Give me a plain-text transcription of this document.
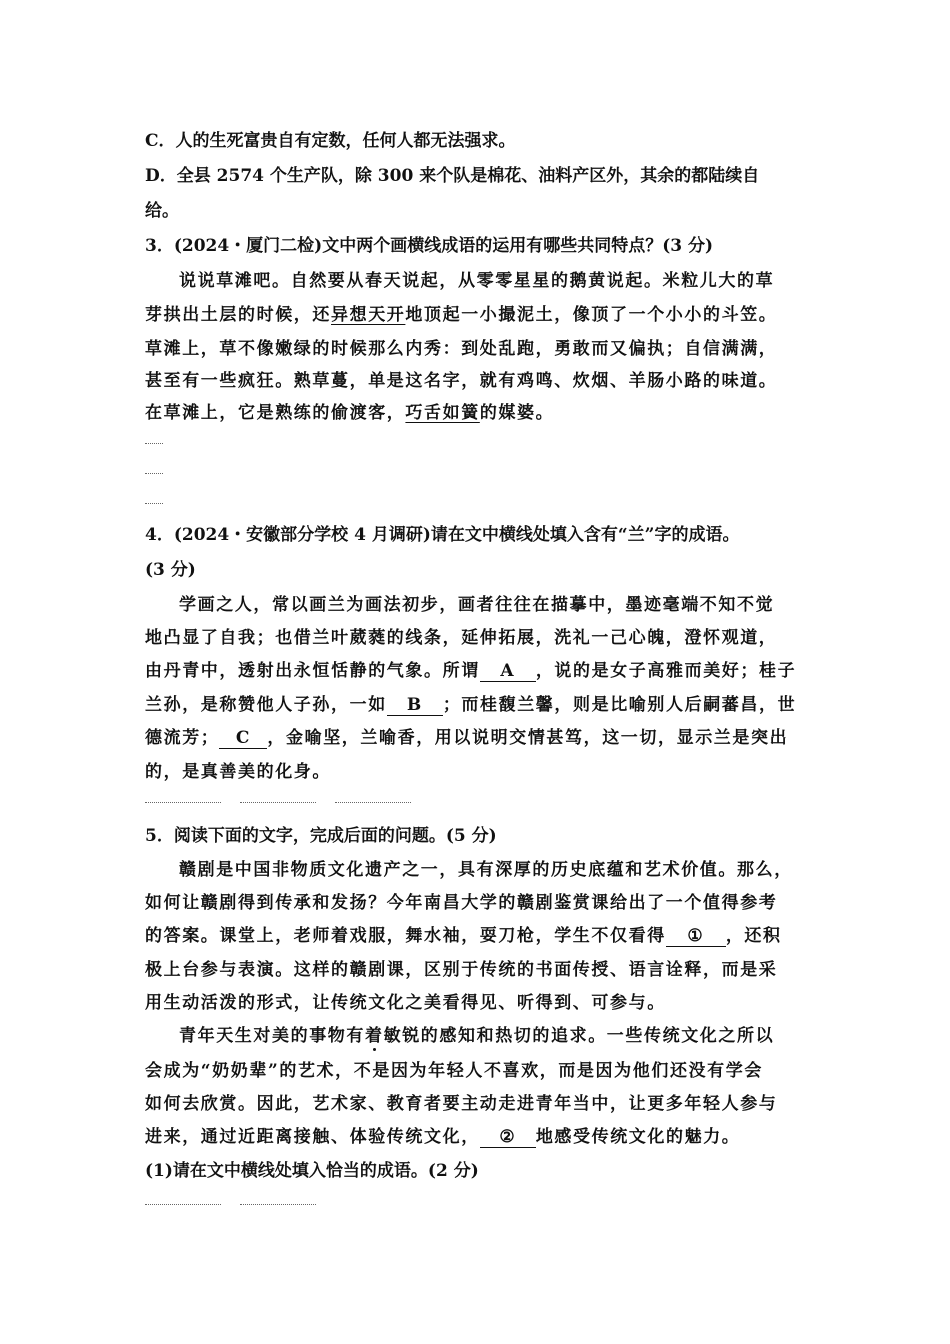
C．人的生死富贵自有定数，任何人都无法强求。
D．全县 2574 个生产队，除 300 来个队是棉花、油料产区外，其余的都陆续自
给。
3．(2024・厦门二检)文中两个画横线成语的运用有哪些共同特点？(3 分)
说说草滩吧。自然要从春天说起，从零零星星的鹅黄说起。米粒儿大的草
芽拱出土层的时候，还异想天开地顶起一小撮泥土，像顶了一个小小的斗笠。
草滩上，草不像嫩绿的时候那么内秀：到处乱跑，勇敢而又偏执；自信满满，
甚至有一些疯狂。熟草蔓，单是这名字，就有鸡鸣、炊烟、羊肠小路的味道。
在草滩上，它是熟练的偷渡客，巧舌如簧的媒婆。
4．(2024・安徽部分学校 4 月调研)请在文中横线处填入含有“兰”字的成语。
(3 分)
学画之人，常以画兰为画法初步，画者往往在描摹中，墨迹毫端不知不觉
地凸显了自我；也借兰叶葳蕤的线条，延伸拓展，洗礼一己心魄，澄怀观道，
由丹青中，透射出永恒恬静的气象。所谓 A ，说的是女子高雅而美好；桂子
兰孙，是称赞他人子孙，一如 B ；而桂馥兰馨，则是比喻别人后嗣蕃昌，世
德流芳； C ，金喻坚，兰喻香，用以说明交情甚笃，这一切，显示兰是突出
的，是真善美的化身。
5．阅读下面的文字，完成后面的问题。(5 分)
赣剧是中国非物质文化遗产之一，具有深厚的历史底蕴和艺术价值。那么，
如何让赣剧得到传承和发扬？今年南昌大学的赣剧鉴赏课给出了一个值得参考
的答案。课堂上，老师着戏服，舞水袖，耍刀枪，学生不仅看得 ① ，还积
极上台参与表演。这样的赣剧课，区别于传统的书面传授、语言诠释，而是采
用生动活泼的形式，让传统文化之美看得见、听得到、可参与。
青年天生对美的事物有着敏锐的感知和热切的追求。一些传统文化之所以
会成为“奶奶辈”的艺术，不是因为年轻人不喜欢，而是因为他们还没有学会
如何去欣赏。因此，艺术家、教育者要主动走进青年当中，让更多年轻人参与
进来，通过近距离接触、体验传统文化， ② 地感受传统文化的魅力。
(1)请在文中横线处填入恰当的成语。(2 分)
